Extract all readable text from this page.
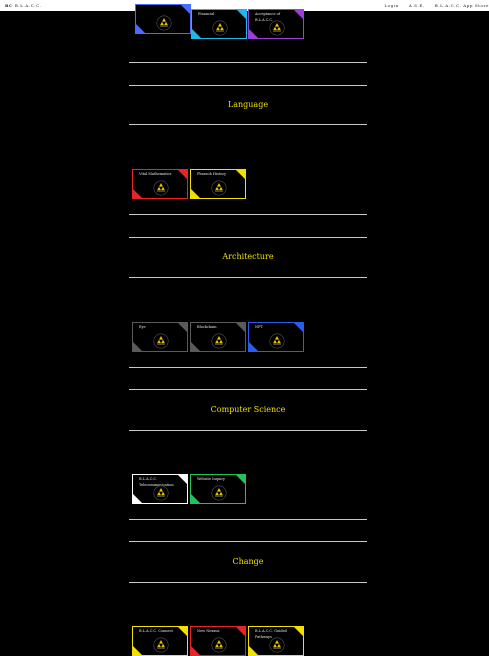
BC B.L.A.C.C.	Login	A.S.E.	B.L.A.C.C. App Store
Financial	Acceptance of B.L.A.C.C.
Language
Vital Mathematics	Pharaoh History
Architecture
Eye	Blockchain	NFT
Computer Science
B.L.A.C.C. Telecommunication
Website Inquiry
Change
B.L.A.C.C. Connect	New Nexxus	B.L.A.C.C. Guided Pathways
